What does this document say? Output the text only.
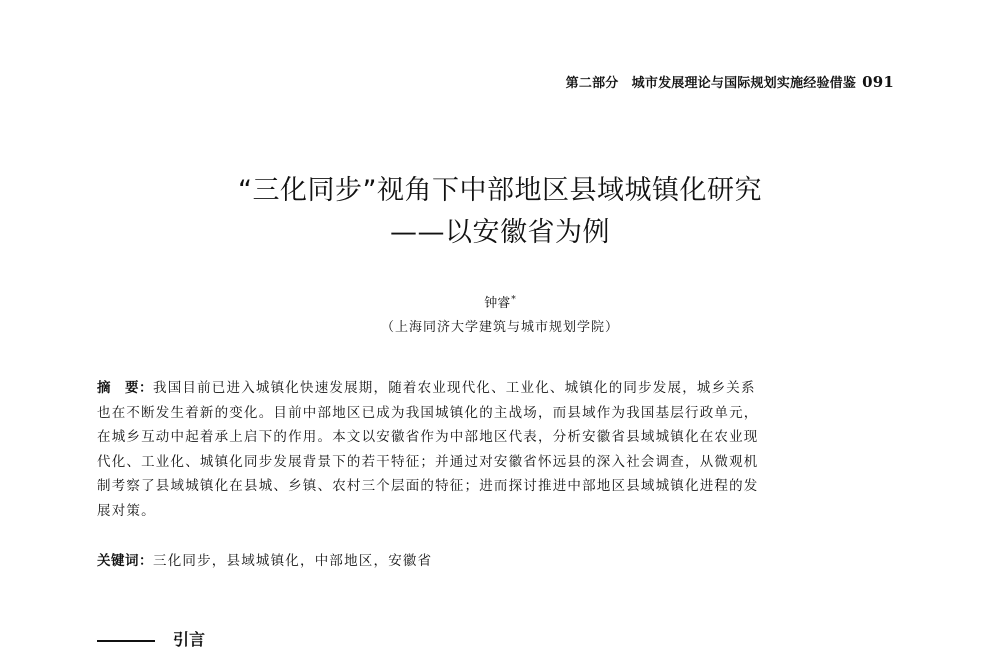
第二部分　城市发展理论与国际规划实施经验借鉴 091
“三化同步”视角下中部地区县域城镇化研究
——以安徽省为例
钟睿*
（上海同济大学建筑与城市规划学院）
摘　要：我国目前已进入城镇化快速发展期，随着农业现代化、工业化、城镇化的同步发展，城乡关系
也在不断发生着新的变化。目前中部地区已成为我国城镇化的主战场，而县域作为我国基层行政单元，
在城乡互动中起着承上启下的作用。本文以安徽省作为中部地区代表，分析安徽省县域城镇化在农业现
代化、工业化、城镇化同步发展背景下的若干特征；并通过对安徽省怀远县的深入社会调查，从微观机
制考察了县域城镇化在县城、乡镇、农村三个层面的特征；进而探讨推进中部地区县域城镇化进程的发
展对策。
关键词：三化同步，县域城镇化，中部地区，安徽省
引言
